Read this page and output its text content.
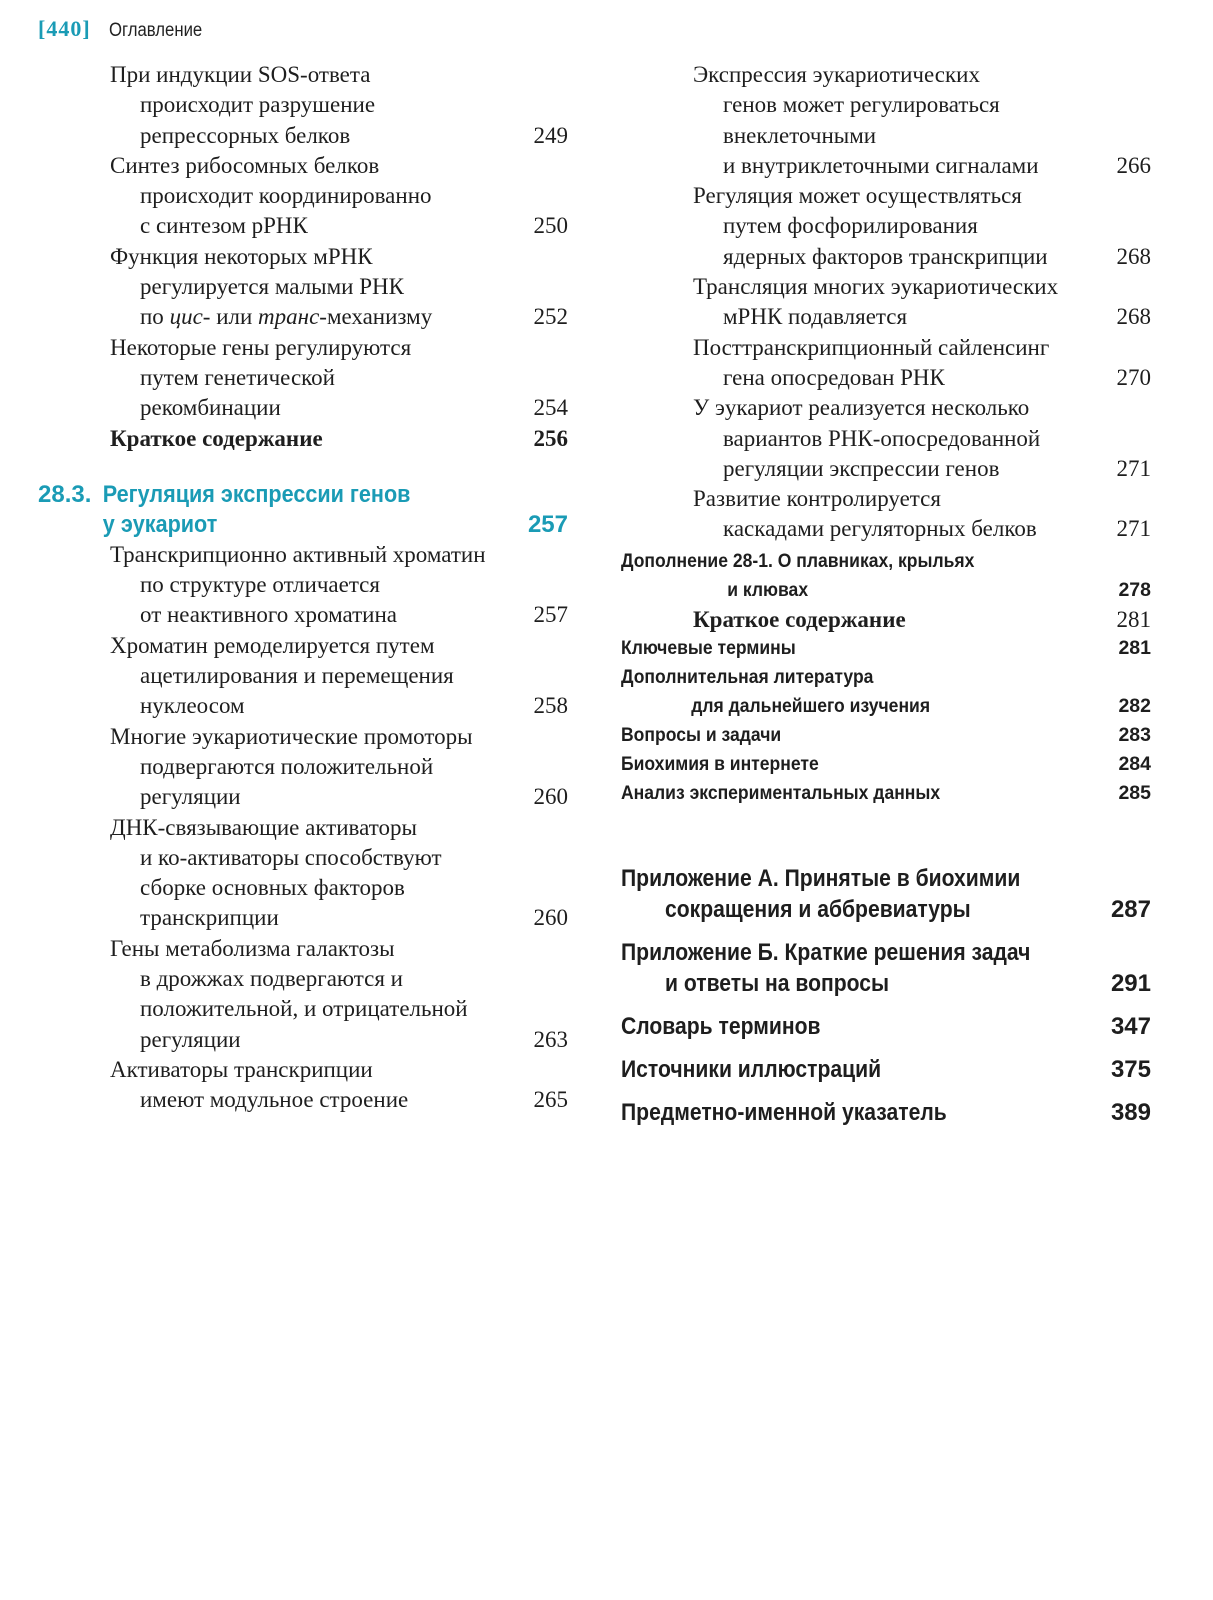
[440] Оглавление
При индукции SOS-ответа
происходит разрушение
репрессорных белков	249
Синтез рибосомных белков
происходит координированно
с синтезом рРНК	250
Функция некоторых мРНК
регулируется малыми РНК
по цис- или транс-механизму	252
Некоторые гены регулируются
путем генетической
рекомбинации	254
Краткое содержание	256
28.3. Регуляция экспрессии генов
у эукариот	257
Транскрипционно активный хроматин
по структуре отличается
от неактивного хроматина	257
Хроматин ремоделируется путем
ацетилирования и перемещения
нуклеосом	258
Многие эукариотические промоторы
подвергаются положительной
регуляции	260
ДНК-связывающие активаторы
и ко-активаторы способствуют
сборке основных факторов
транскрипции	260
Гены метаболизма галактозы
в дрожжах подвергаются и
положительной, и отрицательной
регуляции	263
Активаторы транскрипции
имеют модульное строение	265
Экспрессия эукариотических
генов может регулироваться
внеклеточными
и внутриклеточными сигналами	266
Регуляция может осуществляться
путем фосфорилирования
ядерных факторов транскрипции	268
Трансляция многих эукариотических
мРНК подавляется	268
Посттранскрипционный сайленсинг
гена опосредован РНК	270
У эукариот реализуется несколько
вариантов РНК-опосредованной
регуляции экспрессии генов	271
Развитие контролируется
каскадами регуляторных белков	271
Дополнение 28-1. О плавниках, крыльях
и клювах	278
Краткое содержание	281
Ключевые термины	281
Дополнительная литература
для дальнейшего изучения	282
Вопросы и задачи	283
Биохимия в интернете	284
Анализ экспериментальных данных	285
Приложение А. Принятые в биохимии
сокращения и аббревиатуры	287
Приложение Б. Краткие решения задач
и ответы на вопросы	291
Словарь терминов	347
Источники иллюстраций	375
Предметно-именной указатель	389
